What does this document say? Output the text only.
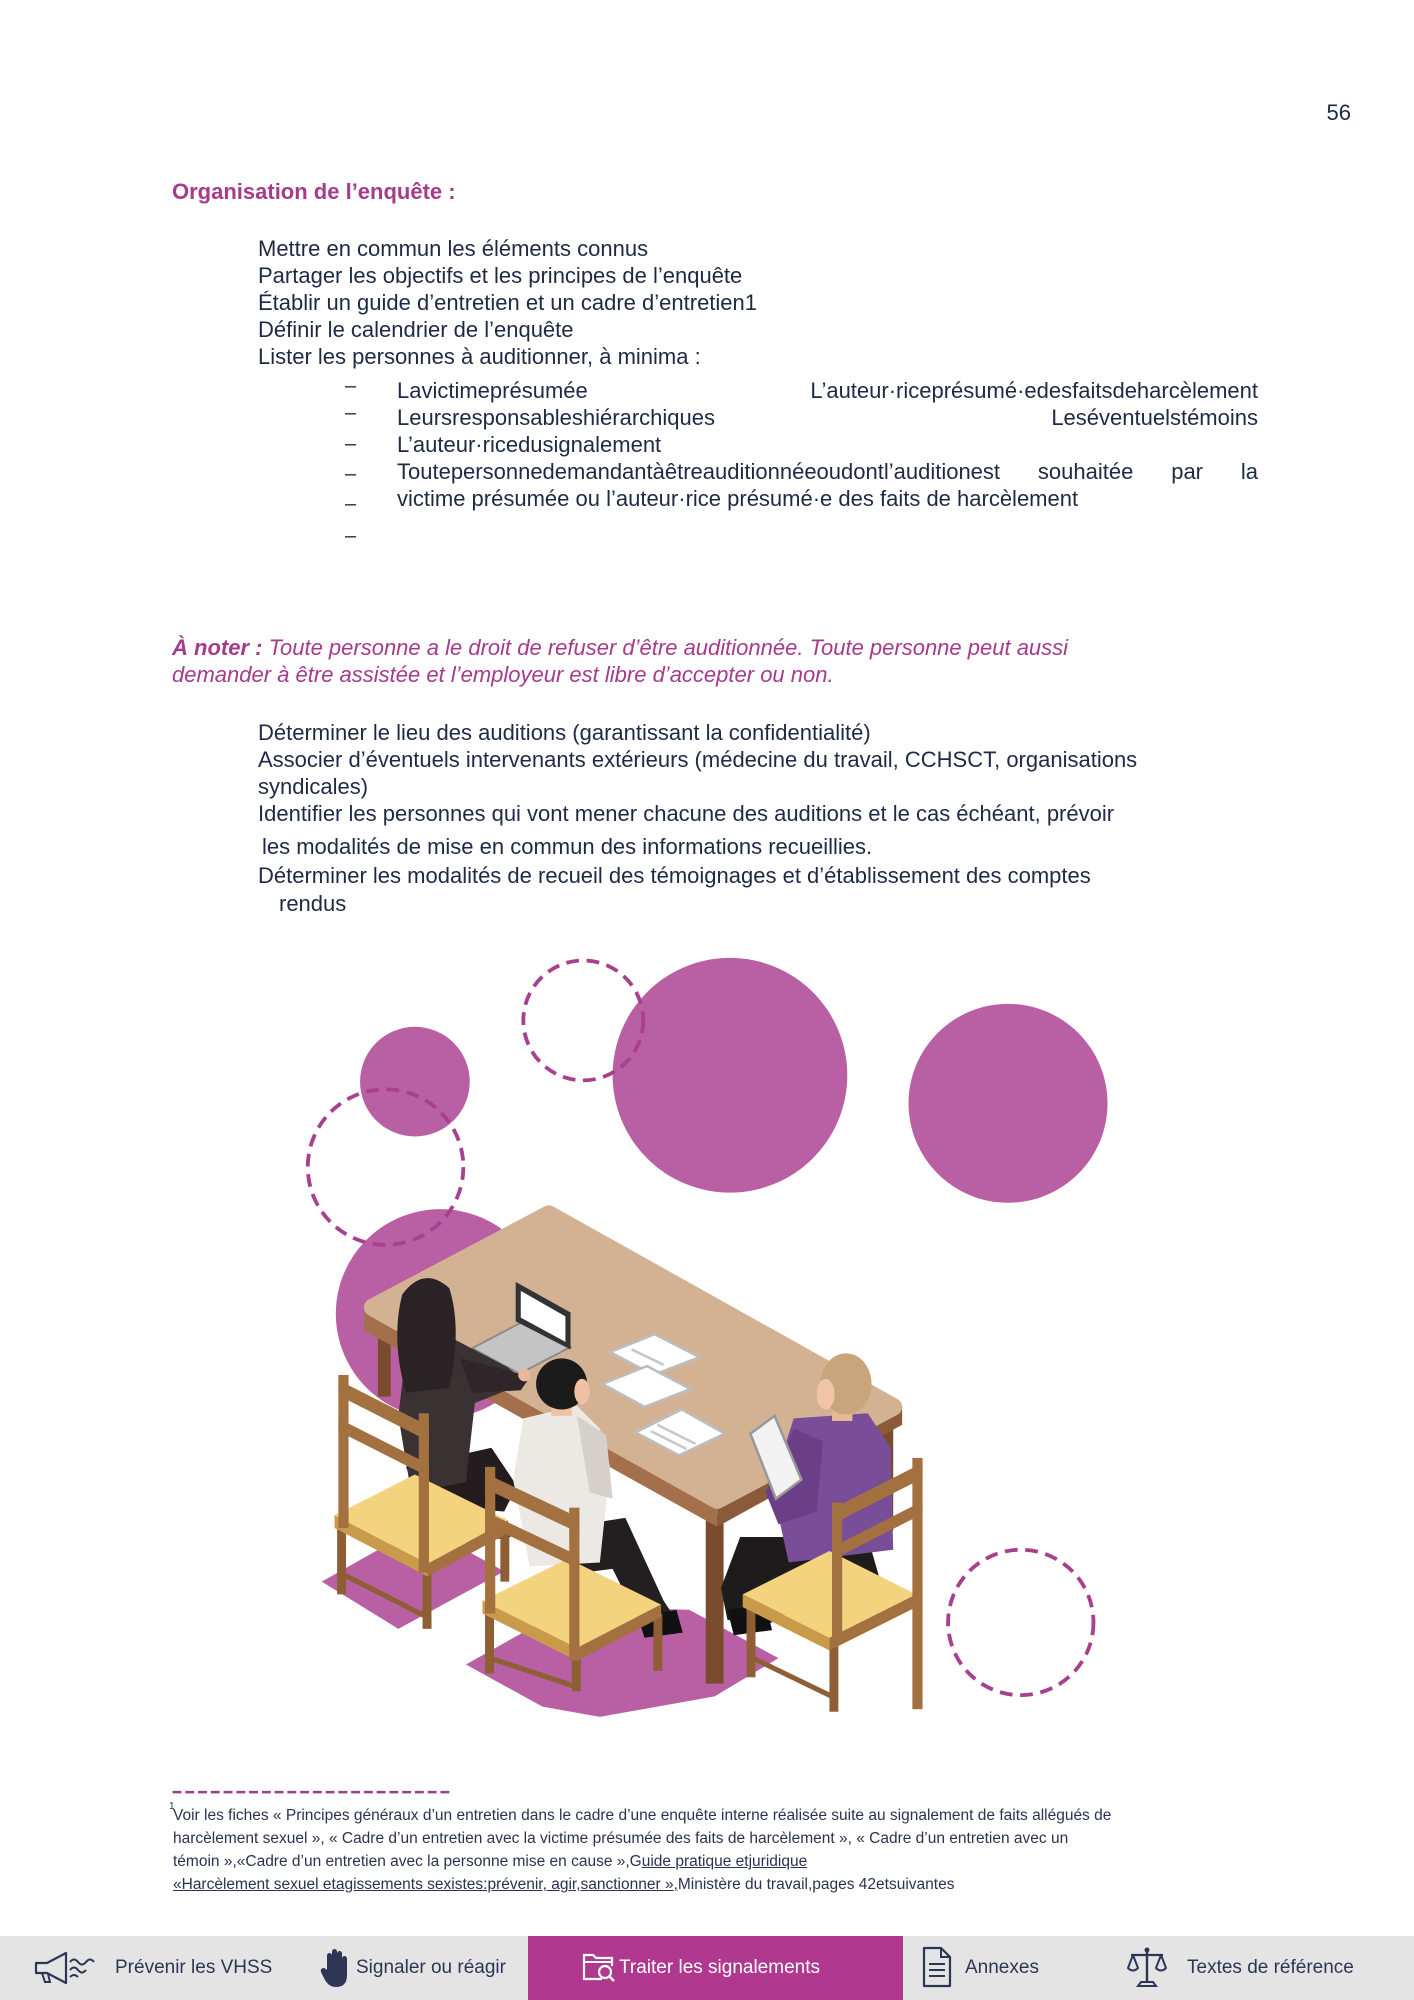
56
Organisation de l’enquête :
Mettre en commun les éléments connus
Partager les objectifs et les principes de l’enquête
Établir un guide d’entretien et un cadre d’entretien1
Définir le calendrier de l’enquête
Lister les personnes à auditionner, à minima :
–
–
–
–
–
–
Lavictimeprésumée	L’auteur·riceprésumé·edesfaitsdeharcèlement
Leursresponsableshiérarchiques	Leséventuelstémoins
L’auteur·ricedusignalement
Toutepersonnedemandantàêtreauditionnéeoudontl’auditionest souhaitée par la
victime présumée ou l’auteur·rice présumé·e des faits de harcèlement
À noter : Toute personne a le droit de refuser d’être auditionnée. Toute personne peut aussi
demander à être assistée et l’employeur est libre d’accepter ou non.
Déterminer le lieu des auditions (garantissant la confidentialité)
Associer d’éventuels intervenants extérieurs (médecine du travail, CCHSCT, organisations
syndicales)
Identifier les personnes qui vont mener chacune des auditions et le cas échéant, prévoir
les modalités de mise en commun des informations recueillies.
Déterminer les modalités de recueil des témoignages et d’établissement des comptes
rendus
1
Voir les fiches « Principes généraux d’un entretien dans le cadre d’une enquête interne réalisée suite au signalement de faits allégués de
harcèlement sexuel », « Cadre d’un entretien avec la victime présumée des faits de harcèlement », « Cadre d’un entretien avec un
témoin »,«Cadre d’un entretien avec la personne mise en cause »,Guide pratique etjuridique
«Harcèlement sexuel etagissements sexistes:prévenir, agir,sanctionner »,Ministère du travail,pages 42etsuivantes
Prévenir les VHSS	Signaler ou réagir	Traiter les signalements	Annexes	Textes de référence
